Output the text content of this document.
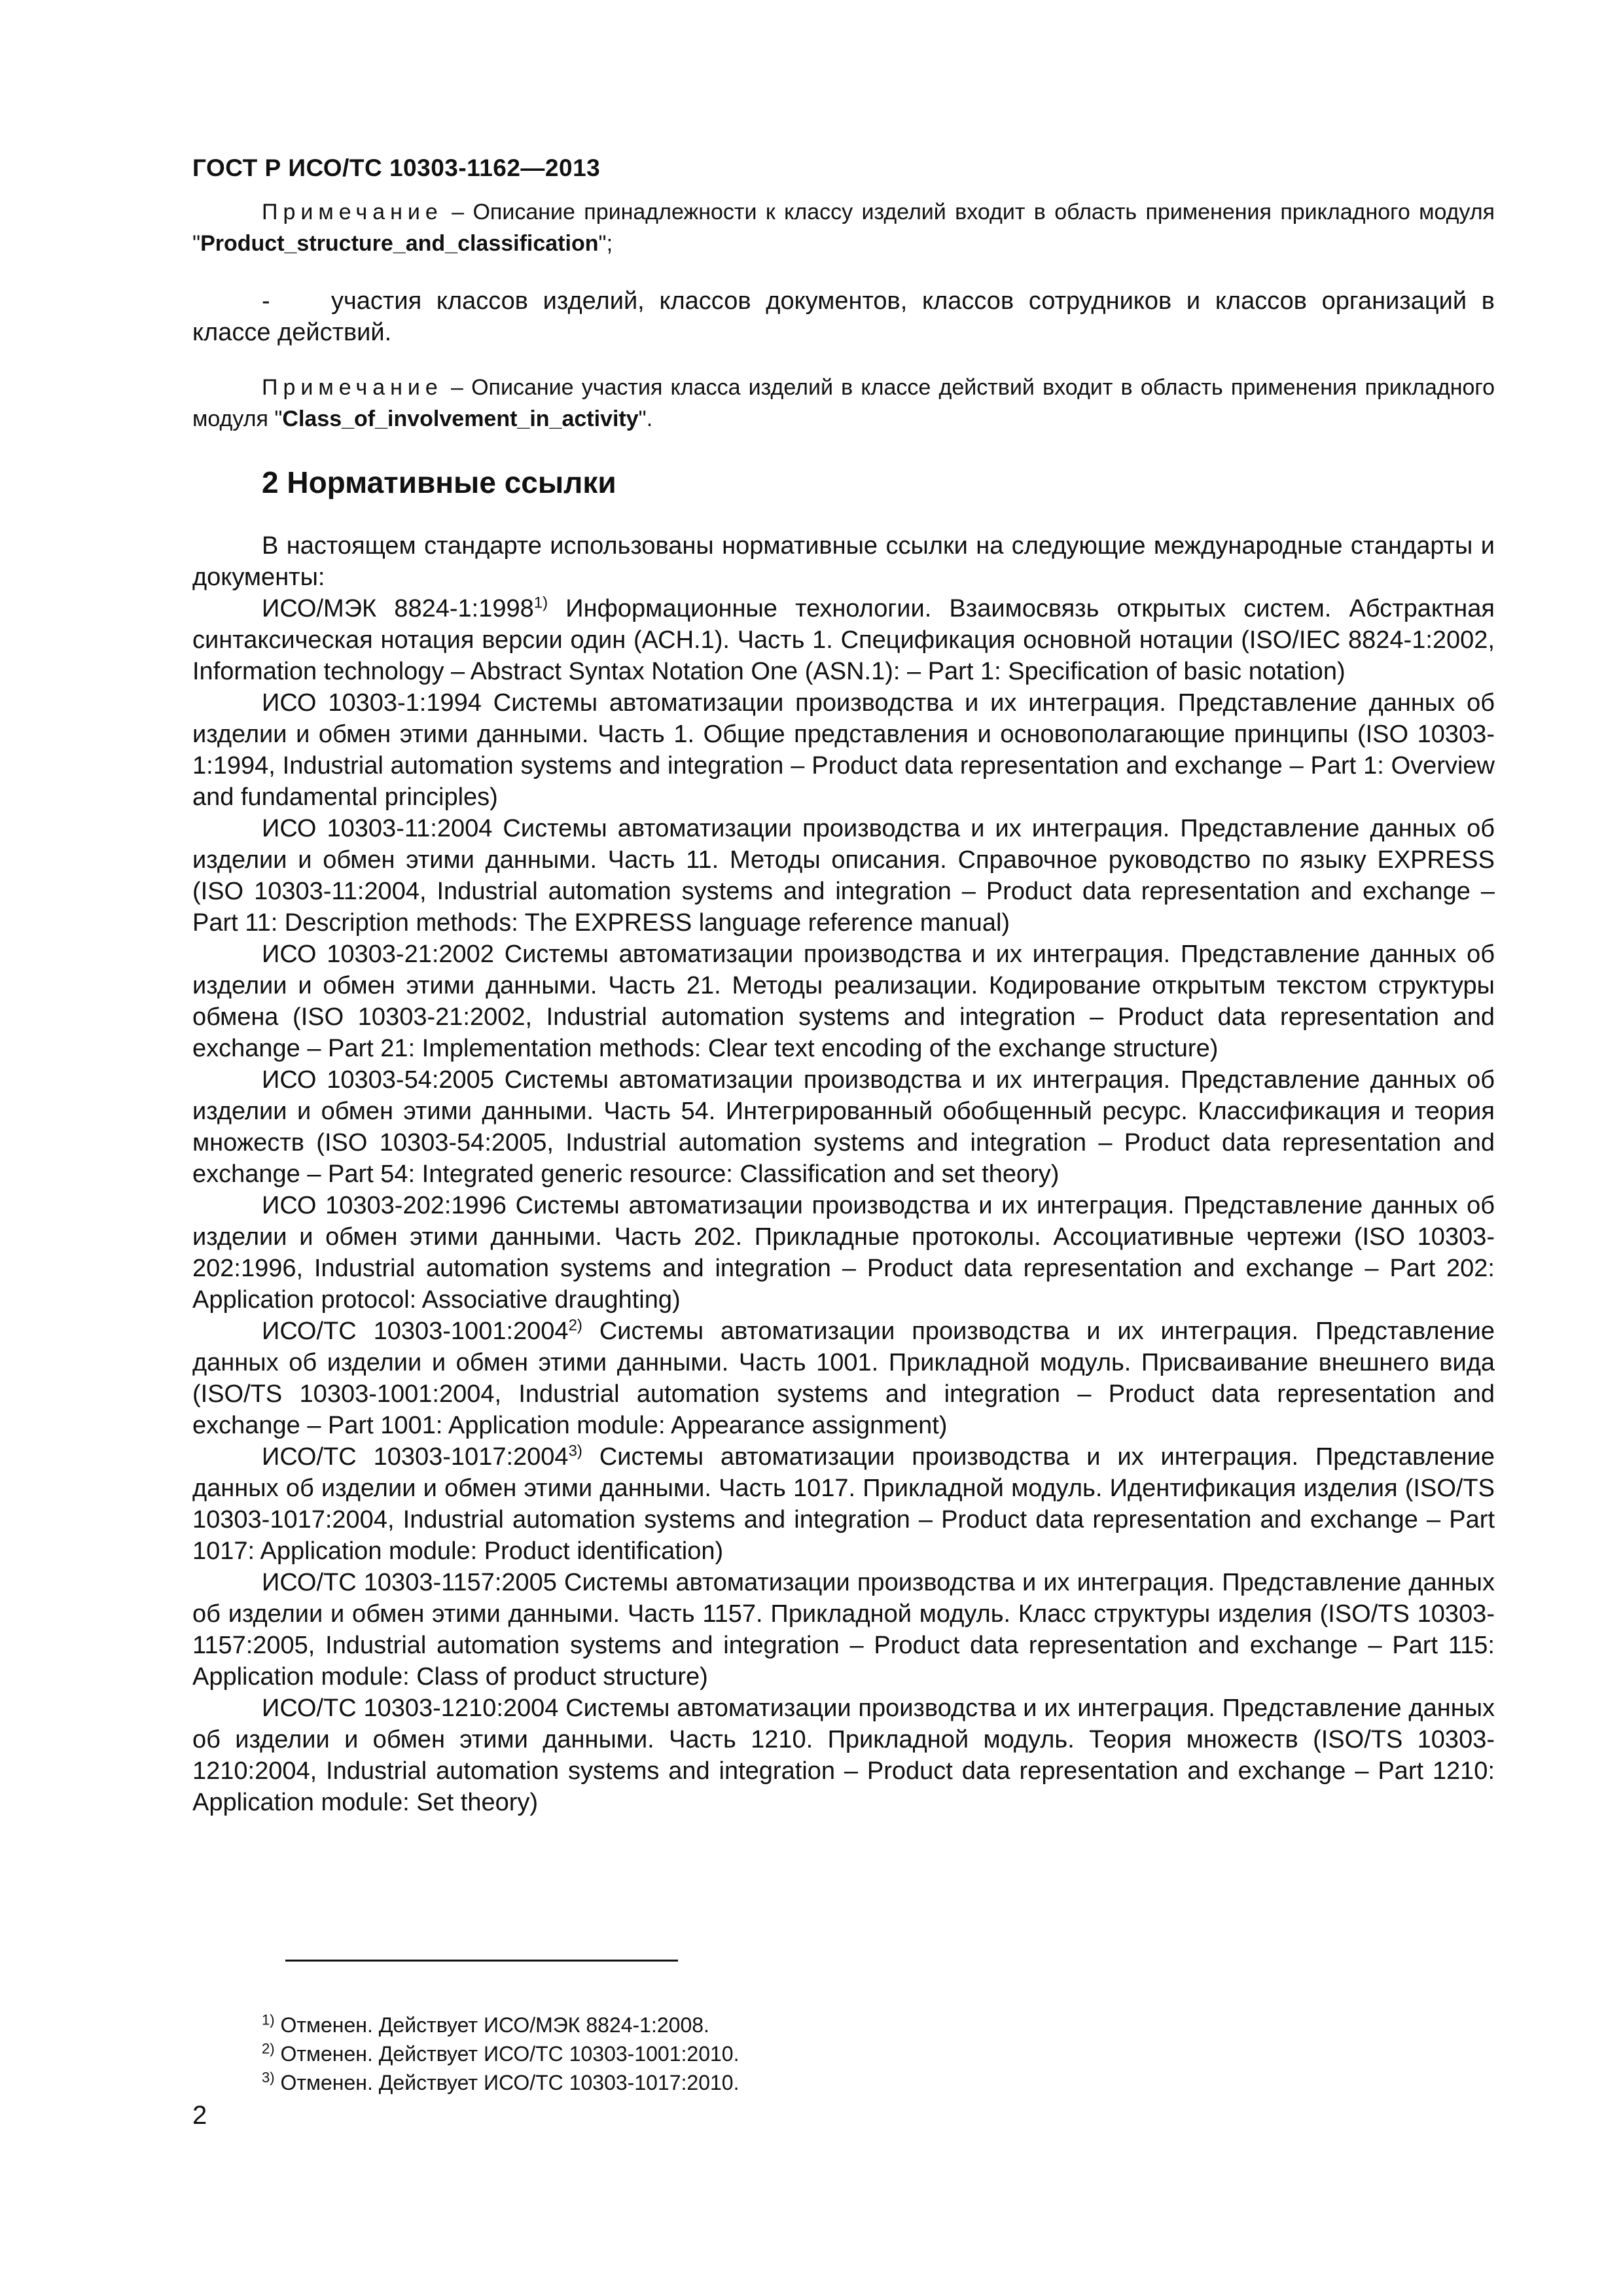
ГОСТ Р ИСО/ТС 10303-1162—2013
Примечание – Описание принадлежности к классу изделий входит в область применения прикладного модуля "Product_structure_and_classification";
- участия классов изделий, классов документов, классов сотрудников и классов организаций в классе действий.
Примечание – Описание участия класса изделий в классе действий входит в область применения прикладного модуля "Class_of_involvement_in_activity".
2 Нормативные ссылки
В настоящем стандарте использованы нормативные ссылки на следующие международные стандарты и документы:
ИСО/МЭК 8824-1:1998$^{1)}$ Информационные технологии. Взаимосвязь открытых систем. Абстрактная синтаксическая нотация версии один (АСН.1). Часть 1. Спецификация основной нотации (ISO/IEC 8824-1:2002, Information technology – Abstract Syntax Notation One (ASN.1): – Part 1: Specification of basic notation)
ИСО 10303-1:1994 Системы автоматизации производства и их интеграция. Представление данных об изделии и обмен этими данными. Часть 1. Общие представления и основополагающие принципы (ISO 10303-1:1994, Industrial automation systems and integration – Product data representation and exchange – Part 1: Overview and fundamental principles)
ИСО 10303-11:2004 Системы автоматизации производства и их интеграция. Представление данных об изделии и обмен этими данными. Часть 11. Методы описания. Справочное руководство по языку EXPRESS (ISO 10303-11:2004, Industrial automation systems and integration – Product data representation and exchange – Part 11: Description methods: The EXPRESS language reference manual)
ИСО 10303-21:2002 Системы автоматизации производства и их интеграция. Представление данных об изделии и обмен этими данными. Часть 21. Методы реализации. Кодирование открытым текстом структуры обмена (ISO 10303-21:2002, Industrial automation systems and integration – Product data representation and exchange – Part 21: Implementation methods: Clear text encoding of the exchange structure)
ИСО 10303-54:2005 Системы автоматизации производства и их интеграция. Представление данных об изделии и обмен этими данными. Часть 54. Интегрированный обобщенный ресурс. Классификация и теория множеств (ISO 10303-54:2005, Industrial automation systems and integration – Product data representation and exchange – Part 54: Integrated generic resource: Classification and set theory)
ИСО 10303-202:1996 Системы автоматизации производства и их интеграция. Представление данных об изделии и обмен этими данными. Часть 202. Прикладные протоколы. Ассоциативные чертежи (ISO 10303-202:1996, Industrial automation systems and integration – Product data representation and exchange – Part 202: Application protocol: Associative draughting)
ИСО/ТС 10303-1001:2004$^{2)}$ Системы автоматизации производства и их интеграция. Представление данных об изделии и обмен этими данными. Часть 1001. Прикладной модуль. Присваивание внешнего вида (ISO/TS 10303-1001:2004, Industrial automation systems and integration – Product data representation and exchange – Part 1001: Application module: Appearance assignment)
ИСО/ТС 10303-1017:2004$^{3)}$ Системы автоматизации производства и их интеграция. Представление данных об изделии и обмен этими данными. Часть 1017. Прикладной модуль. Идентификация изделия (ISO/TS 10303-1017:2004, Industrial automation systems and integration – Product data representation and exchange – Part 1017: Application module: Product identification)
ИСО/ТС 10303-1157:2005 Системы автоматизации производства и их интеграция. Представление данных об изделии и обмен этими данными. Часть 1157. Прикладной модуль. Класс структуры изделия (ISO/TS 10303-1157:2005, Industrial automation systems and integration – Product data representation and exchange – Part 115: Application module: Class of product structure)
ИСО/ТС 10303-1210:2004 Системы автоматизации производства и их интеграция. Представление данных об изделии и обмен этими данными. Часть 1210. Прикладной модуль. Теория множеств (ISO/TS 10303-1210:2004, Industrial automation systems and integration – Product data representation and exchange – Part 1210: Application module: Set theory)
$^{1)}$ Отменен. Действует ИСО/МЭК 8824-1:2008.
$^{2)}$ Отменен. Действует ИСО/ТС 10303-1001:2010.
$^{3)}$ Отменен. Действует ИСО/ТС 10303-1017:2010.
2
